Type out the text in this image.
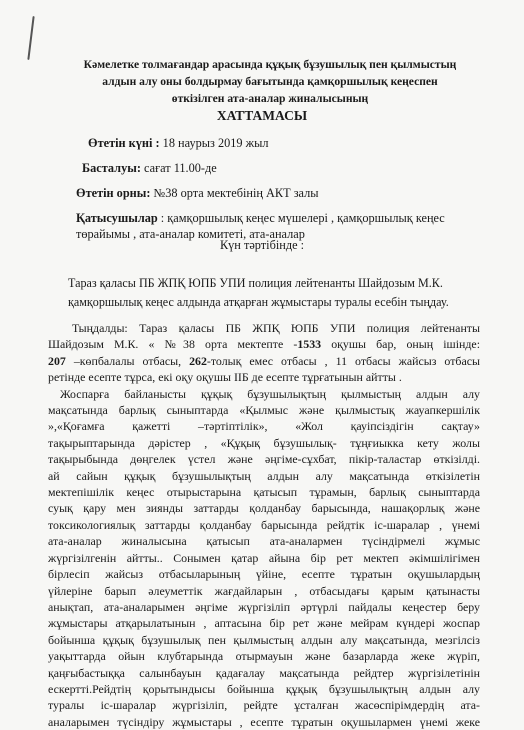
Кәмелетке толмағандар арасында құқық бұзушылық пен қылмыстың
алдын алу оны болдырмау бағытында қамқоршылық кеңеспен
өткізілген ата-аналар жиналысының
ХАТТАМАСЫ
Өтетін күні : 18 наурыз 2019 жыл
Басталуы: сағат 11.00-де
Өтетін орны: №38 орта мектебінің АКТ залы
Қатысушылар : қамқоршылық кеңес мүшелері , қамқоршылық кеңес
төрайымы , ата-аналар комитеті, ата-аналар
Күн тәртібінде :
Тараз қаласы ПБ ЖПҚ ЮПБ УПИ полиция лейтенанты Шайдозым М.К.
қамқоршылық кеңес алдында атқарған жұмыстары туралы есебін тыңдау.
Тыңдалды: Тараз қаласы ПБ ЖПҚ ЮПБ УПИ полиция лейтенанты
Шайдозым М.К. « №38 орта мектепте -1533 оқушы бар, оның ішінде:
207 –көпбалалы отбасы, 262-толық емес отбасы , 11 отбасы жайсыз отбасы
ретінде есепте тұрса, екі оқу оқушы ІІБ де есепте тұрғатынын айтты .
Жоспарға байланысты құқық бұзушылықтың қылмыстың алдын алу
мақсатында барлық сыныптарда «Қылмыс және қылмыстық жауапкершілік
»,«Қоғамға қажетті –тәртіптілік», «Жол қауіпсіздігін сақтау»
тақырыптарында дәрістер , «Құқық бұзушылық- тұңғиыкка кету жолы
тақырыбында дөңгелек үстел және әңгіме-сұхбат, пікір-таластар өткізілді.
ай сайын құқық бұзушылықтың алдын алу мақсатында өткізілетін
мектепішілік кеңес отырыстарына қатысып тұрамын, барлық сыныптарда
суық қару мен зиянды заттарды қолданбау барысында, нашақорлық және
токсикологиялық заттарды қолданбау барысында рейдтік іс-шаралар , үнемі
ата-аналар жиналысына қатысып ата-аналармен түсіндірмелі жұмыс
жүргізілгенін айтты.. Сонымен қатар айына бір рет мектеп әкімшілігімен
бірлесіп жайсыз отбасыларының үйіне, есепте тұратын оқушылардың
үйлеріне барып әлеуметтік жағдайларын , отбасыдағы қарым қатынасты
анықтап, ата-аналарымен әңгіме жүргізіліп әртүрлі пайдалы кеңестер беру
жұмыстары атқарылатынын , аптасына бір рет және мейрам күндері жоспар
бойынша құқық бұзушылық пен қылмыстың алдын алу мақсатында, мезгілсіз
уақыттарда ойын клубтарында отырмауын және базарларда жеке жүріп,
қаңғыбастыққа салынбауын қадағалау мақсатында рейдтер жүргізілетінін
ескертті.Рейдтің қорытындысы бойынша құқық бұзушылықтың алдын алу
туралы іс-шаралар жүргізіліп, рейдте ұсталған жасөспірімдердің ата-
аналарымен түсіндіру жұмыстары , есепте тұратын оқушылармен үнемі жеке
